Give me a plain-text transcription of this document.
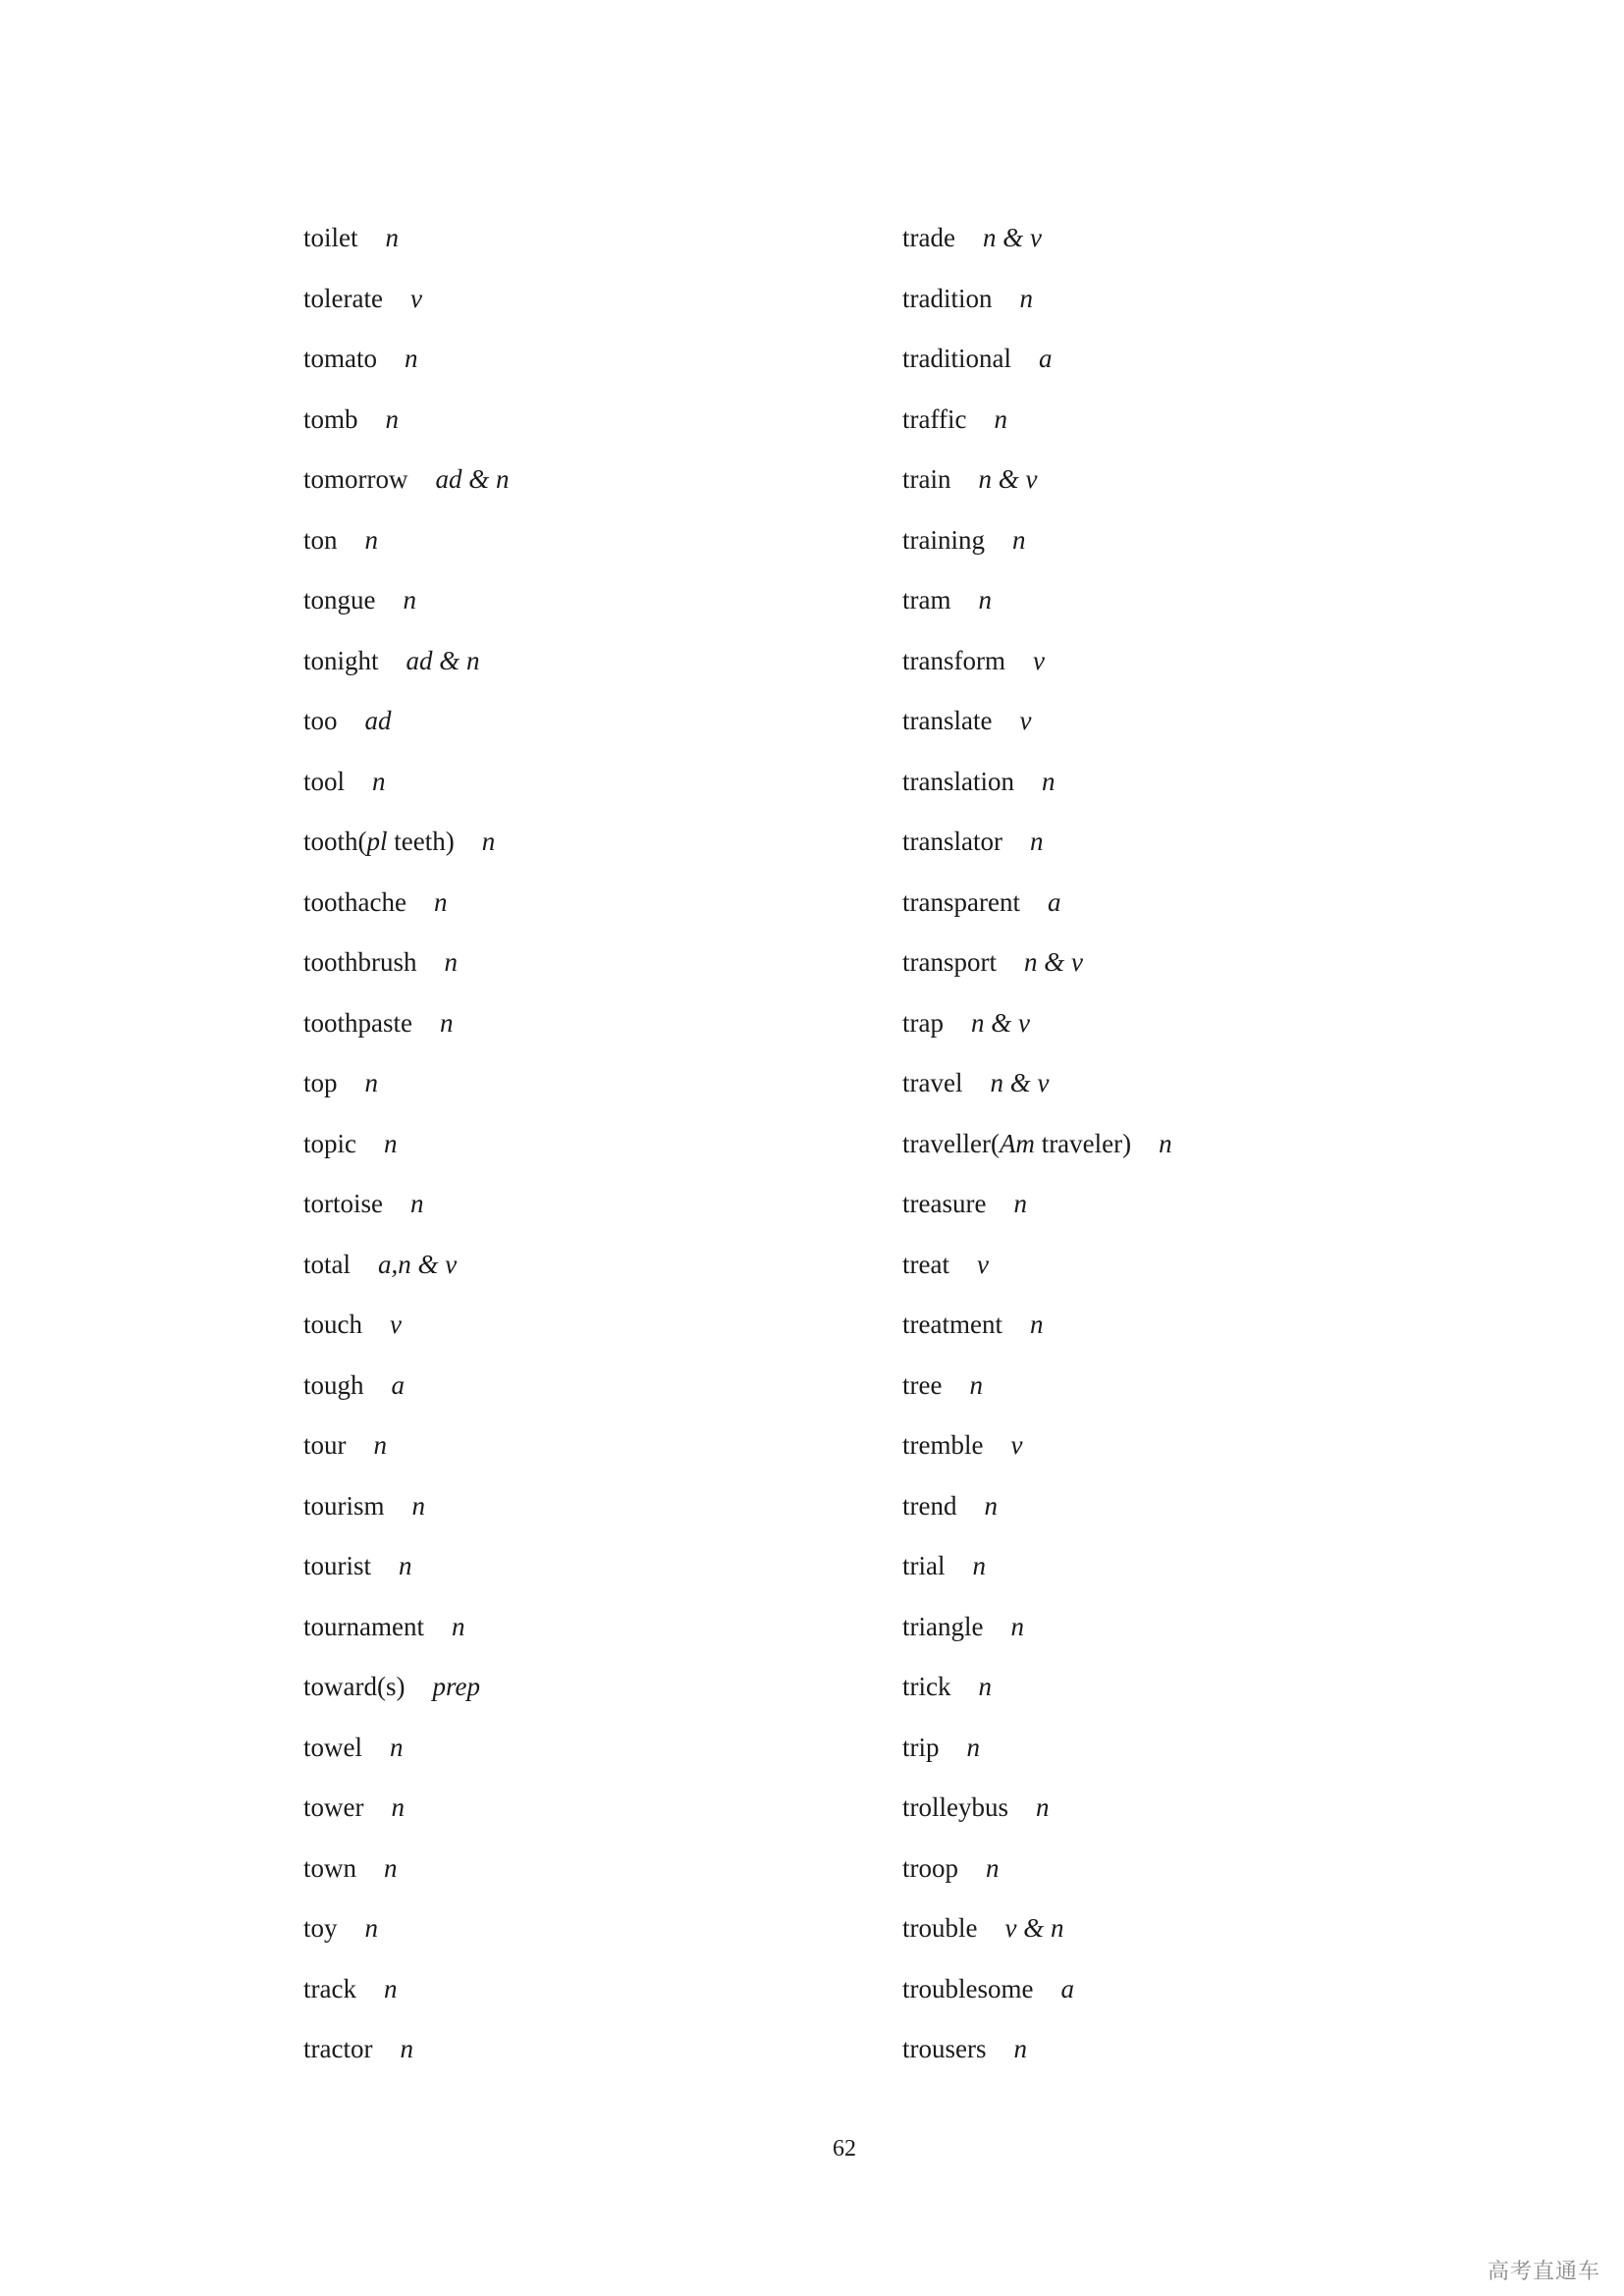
toilet n
tolerate v
tomato n
tomb n
tomorrow ad & n
ton n
tongue n
tonight ad & n
too ad
tool n
tooth(pl teeth) n
toothache n
toothbrush n
toothpaste n
top n
topic n
tortoise n
total a,n & v
touch v
tough a
tour n
tourism n
tourist n
tournament n
toward(s) prep
towel n
tower n
town n
toy n
track n
tractor n
trade n & v
tradition n
traditional a
traffic n
train n & v
training n
tram n
transform v
translate v
translation n
translator n
transparent a
transport n & v
trap n & v
travel n & v
traveller(Am traveler) n
treasure n
treat v
treatment n
tree n
tremble v
trend n
trial n
triangle n
trick n
trip n
trolleybus n
troop n
trouble v & n
troublesome a
trousers n
62
高考直通车
